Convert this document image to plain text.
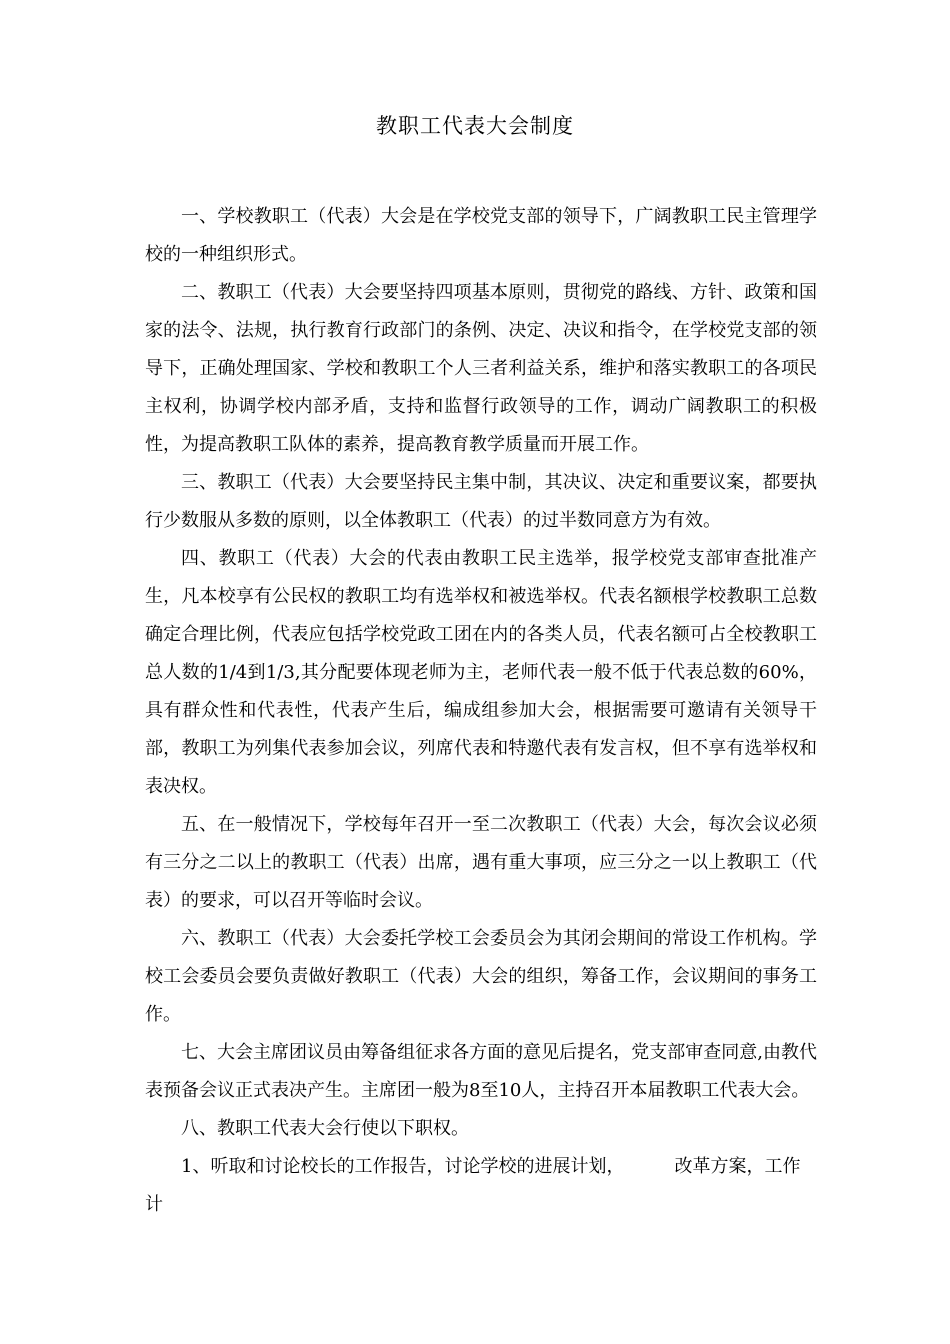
教职工代表大会制度

一、学校教职工（代表）大会是在学校党支部的领导下，广阔教职工民主管理学校的一种组织形式。

二、教职工（代表）大会要坚持四项基本原则，贯彻党的路线、方针、政策和国家的法令、法规，执行教育行政部门的条例、决定、决议和指令，在学校党支部的领导下，正确处理国家、学校和教职工个人三者利益关系，维护和落实教职工的各项民主权利，协调学校内部矛盾，支持和监督行政领导的工作，调动广阔教职工的积极性，为提高教职工队体的素养，提高教育教学质量而开展工作。

三、教职工（代表）大会要坚持民主集中制，其决议、决定和重要议案，都要执行少数服从多数的原则，以全体教职工（代表）的过半数同意方为有效。

四、教职工（代表）大会的代表由教职工民主选举，报学校党支部审查批准产生，凡本校享有公民权的教职工均有选举权和被选举权。代表名额根学校教职工总数确定合理比例，代表应包括学校党政工团在内的各类人员，代表名额可占全校教职工总人数的1/4到1/3,其分配要体现老师为主，老师代表一般不低于代表总数的60%，具有群众性和代表性，代表产生后，编成组参加大会，根据需要可邀请有关领导干部，教职工为列集代表参加会议，列席代表和特邀代表有发言权，但不享有选举权和表决权。

五、在一般情况下，学校每年召开一至二次教职工（代表）大会，每次会议必须有三分之二以上的教职工（代表）出席，遇有重大事项，应三分之一以上教职工（代表）的要求，可以召开等临时会议。

六、教职工（代表）大会委托学校工会委员会为其闭会期间的常设工作机构。学校工会委员会要负责做好教职工（代表）大会的组织，筹备工作，会议期间的事务工作。

七、大会主席团议员由筹备组征求各方面的意见后提名，党支部审查同意,由教代表预备会议正式表决产生。主席团一般为8至10人，主持召开本届教职工代表大会。

八、教职工代表大会行使以下职权。

1、听取和讨论校长的工作报告，讨论学校的进展计划，	改革方案，工作计
